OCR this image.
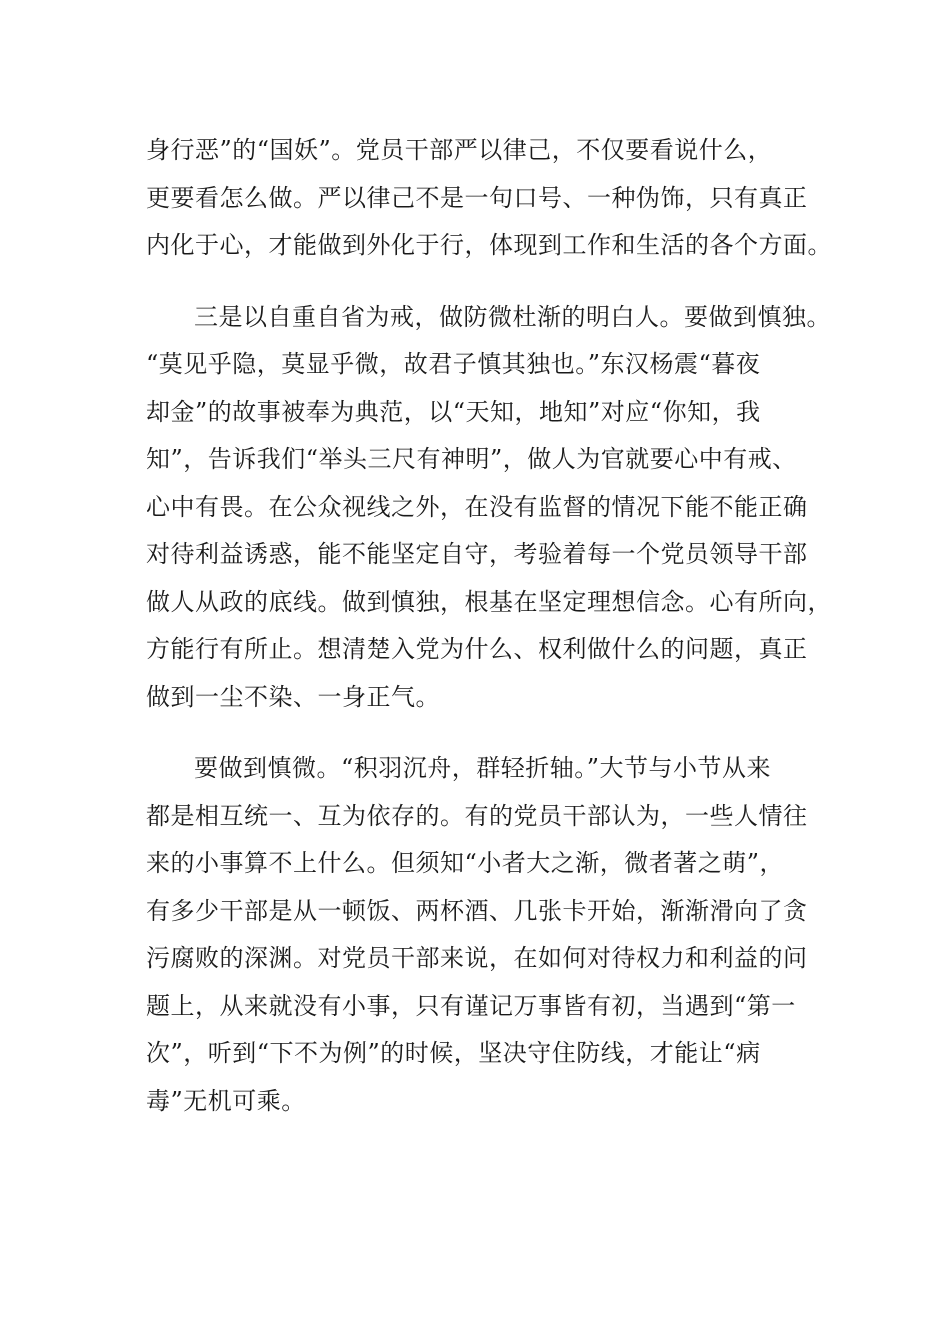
身行恶”的“国妖”。党员干部严以律己，不仅要看说什么，
更要看怎么做。严以律己不是一句口号、一种伪饰，只有真正
内化于心，才能做到外化于行，体现到工作和生活的各个方面。
三是以自重自省为戒，做防微杜渐的明白人。要做到慎独。
“莫见乎隐，莫显乎微，故君子慎其独也。”东汉杨震“暮夜
却金”的故事被奉为典范，以“天知，地知”对应“你知，我
知”，告诉我们“举头三尺有神明”，做人为官就要心中有戒、
心中有畏。在公众视线之外，在没有监督的情况下能不能正确
对待利益诱惑，能不能坚定自守，考验着每一个党员领导干部
做人从政的底线。做到慎独，根基在坚定理想信念。心有所向，
方能行有所止。想清楚入党为什么、权利做什么的问题，真正
做到一尘不染、一身正气。
要做到慎微。“积羽沉舟，群轻折轴。”大节与小节从来
都是相互统一、互为依存的。有的党员干部认为，一些人情往
来的小事算不上什么。但须知“小者大之渐，微者著之萌”，
有多少干部是从一顿饭、两杯酒、几张卡开始，渐渐滑向了贪
污腐败的深渊。对党员干部来说，在如何对待权力和利益的问
题上，从来就没有小事，只有谨记万事皆有初，当遇到“第一
次”，听到“下不为例”的时候，坚决守住防线，才能让“病
毒”无机可乘。
